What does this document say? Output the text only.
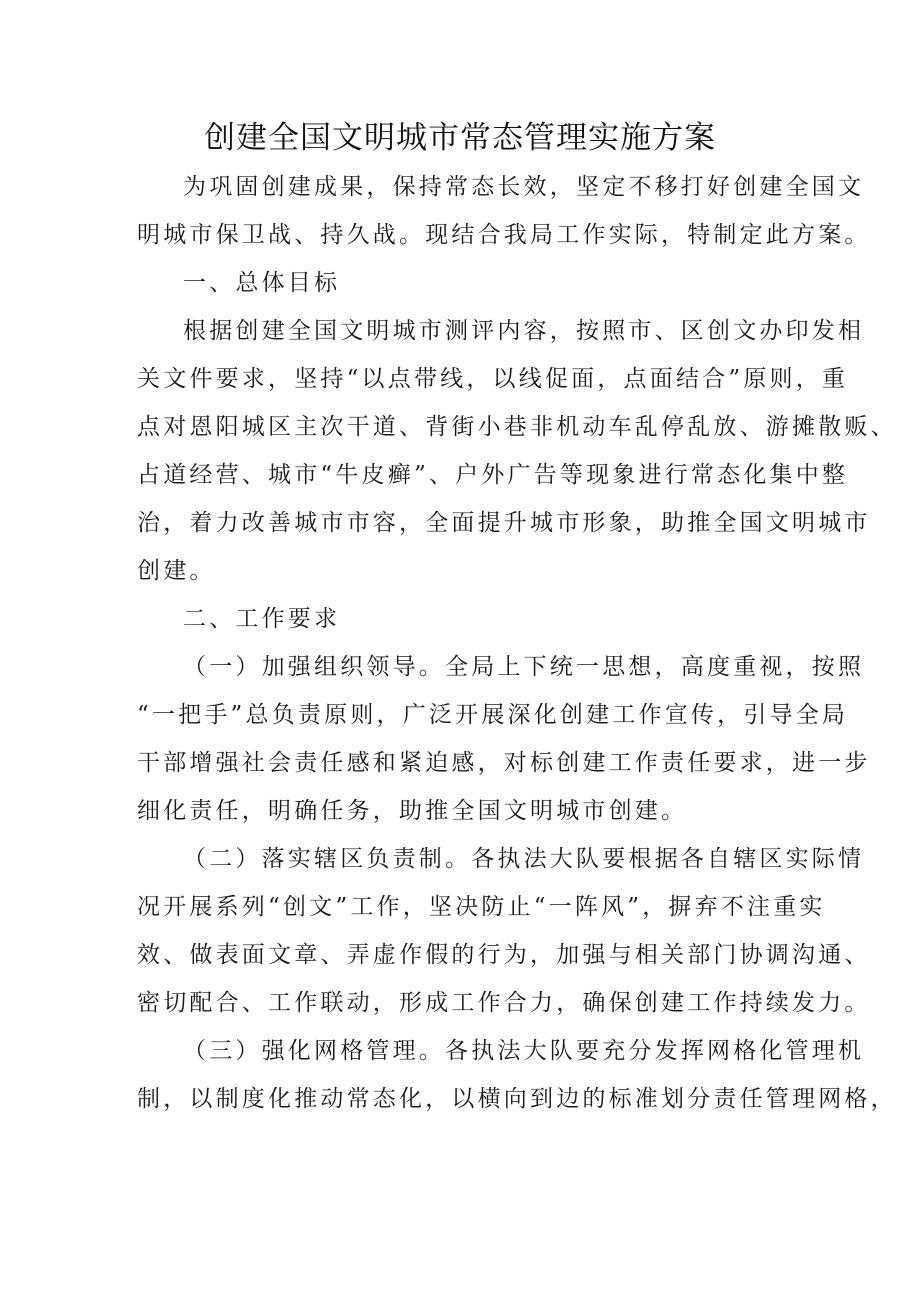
创建全国文明城市常态管理实施方案

为巩固创建成果，保持常态长效，坚定不移打好创建全国文

明城市保卫战、持久战。现结合我局工作实际，特制定此方案。

一、总体目标

根据创建全国文明城市测评内容，按照市、区创文办印发相

关文件要求，坚持“以点带线，以线促面，点面结合”原则，重

点对恩阳城区主次干道、背街小巷非机动车乱停乱放、游摊散贩、

占道经营、城市“牛皮癣”、户外广告等现象进行常态化集中整

治，着力改善城市市容，全面提升城市形象，助推全国文明城市

创建。

二、工作要求

（一）加强组织领导。全局上下统一思想，高度重视，按照

“一把手”总负责原则，广泛开展深化创建工作宣传，引导全局

干部增强社会责任感和紧迫感，对标创建工作责任要求，进一步

细化责任，明确任务，助推全国文明城市创建。

（二）落实辖区负责制。各执法大队要根据各自辖区实际情

况开展系列“创文”工作，坚决防止“一阵风”，摒弃不注重实

效、做表面文章、弄虚作假的行为，加强与相关部门协调沟通、

密切配合、工作联动，形成工作合力，确保创建工作持续发力。

（三）强化网格管理。各执法大队要充分发挥网格化管理机

制，以制度化推动常态化，以横向到边的标准划分责任管理网格，
